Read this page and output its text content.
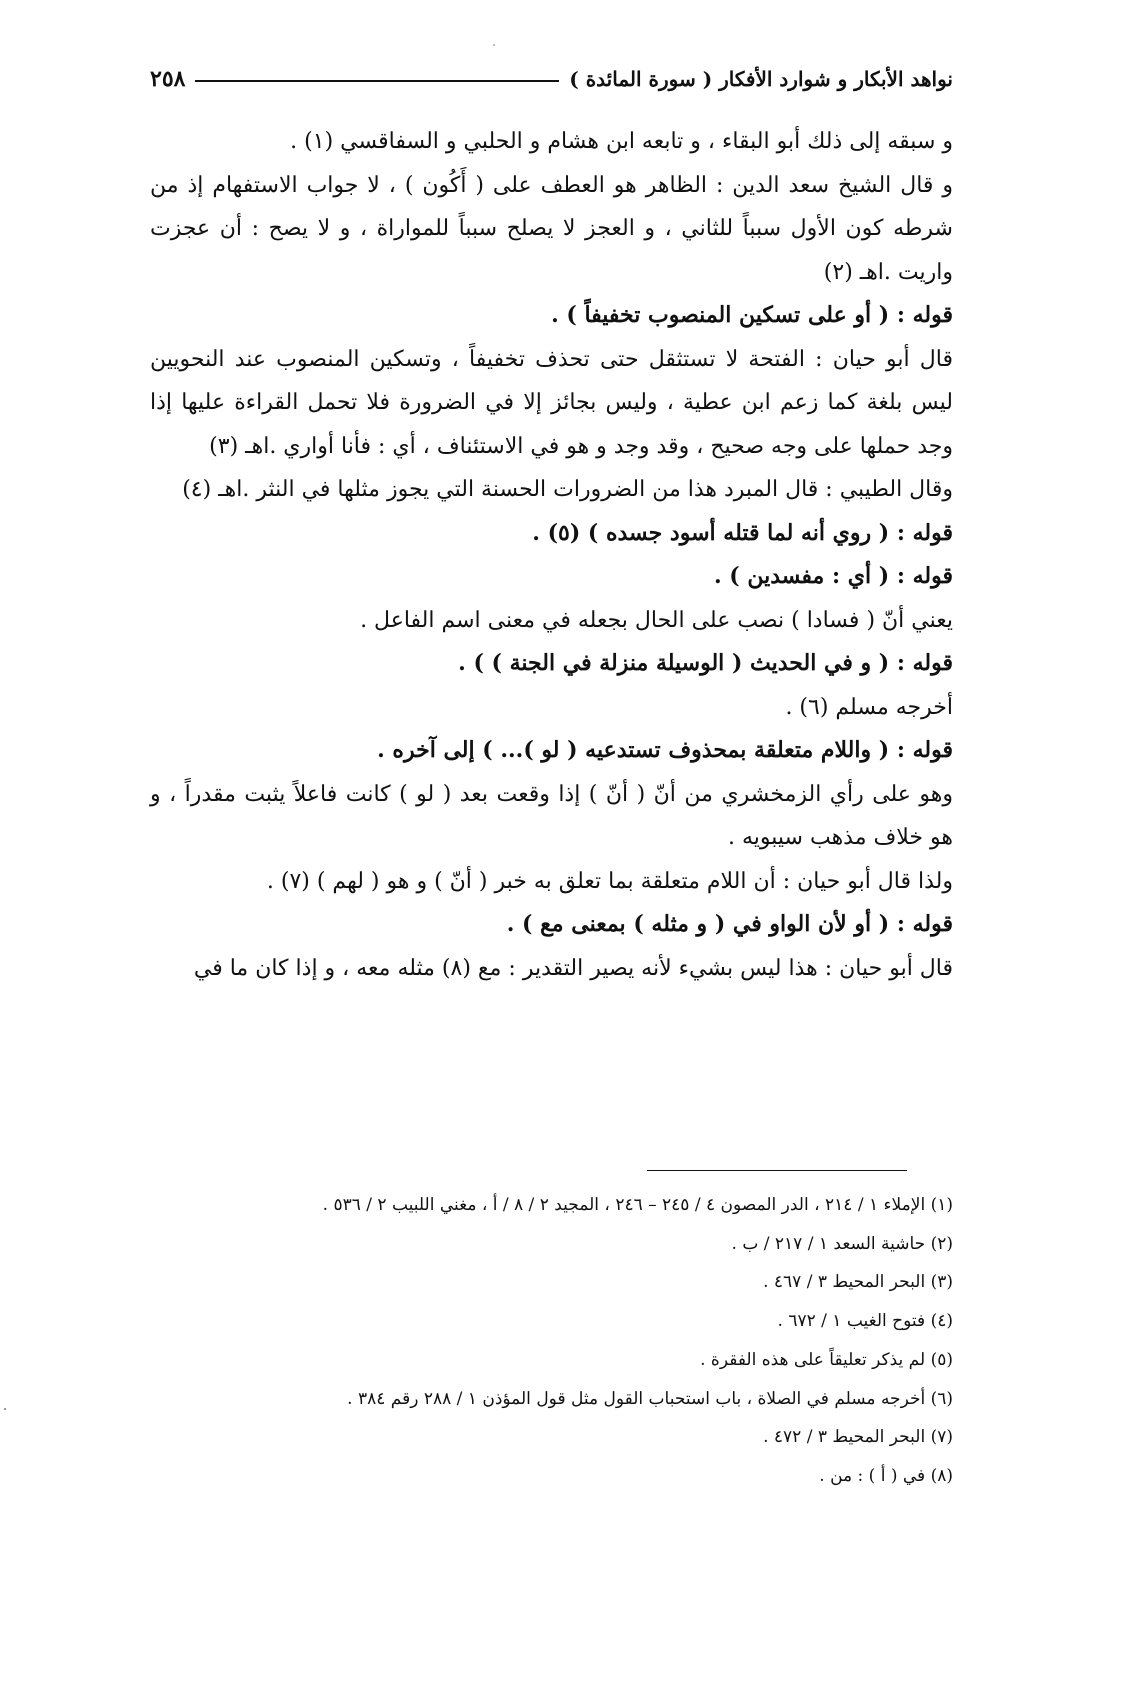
نواهد الأبكار و شوارد الأفكار ( سورة المائدة )
٢٥٨

و سبقه إلى ذلك أبو البقاء ، و تابعه ابن هشام و الحلبي و السفاقسي (١) .

و قال الشيخ سعد الدين : الظاهر هو العطف على ( أَكُون ) ، لا جواب الاستفهام إذ من شرطه كون الأول سبباً للثاني ، و العجز لا يصلح سبباً للمواراة ، و لا يصح : أن عجزت واريت .اهـ (٢)

قوله : ( أو على تسكين المنصوب تخفيفاً ) .

قال أبو حيان : الفتحة لا تستثقل حتى تحذف تخفيفاً ، وتسكين المنصوب عند النحويين ليس بلغة كما زعم ابن عطية ، وليس بجائز إلا في الضرورة فلا تحمل القراءة عليها إذا وجد حملها على وجه صحيح ، وقد وجد و هو في الاستئناف ، أي : فأنا أواري .اهـ (٣)

وقال الطيبي : قال المبرد هذا من الضرورات الحسنة التي يجوز مثلها في النثر .اهـ (٤)

قوله : ( روي أنه لما قتله أسود جسده ) (٥) .

قوله : ( أي : مفسدين ) .

يعني أنّ ( فسادا ) نصب على الحال بجعله في معنى اسم الفاعل .

قوله : ( و في الحديث ( الوسيلة منزلة في الجنة ) ) .

أخرجه مسلم (٦) .

قوله : ( واللام متعلقة بمحذوف تستدعيه ( لو )... ) إلى آخره .

وهو على رأي الزمخشري من أنّ ( أنّ ) إذا وقعت بعد ( لو ) كانت فاعلاً يثبت مقدراً ، و هو خلاف مذهب سيبويه .

ولذا قال أبو حيان : أن اللام متعلقة بما تعلق به خبر ( أنّ ) و هو ( لهم ) (٧) .

قوله : ( أو لأن الواو في ( و مثله ) بمعنى مع ) .

قال أبو حيان : هذا ليس بشيء لأنه يصير التقدير : مع (٨) مثله معه ، و إذا كان ما في

(١) الإملاء ١ / ٢١٤ ، الدر المصون ٤ / ٢٤٥ – ٢٤٦ ، المجيد ٢ / ٨ / أ ، مغني اللبيب ٢ / ٥٣٦ .

(٢) حاشية السعد ١ / ٢١٧ / ب .

(٣) البحر المحيط ٣ / ٤٦٧ .

(٤) فتوح الغيب ١ / ٦٧٢ .

(٥) لم يذكر تعليقاً على هذه الفقرة .

(٦) أخرجه مسلم في الصلاة ، باب استحباب القول مثل قول المؤذن ١ / ٢٨٨ رقم ٣٨٤ .

(٧) البحر المحيط ٣ / ٤٧٢ .

(٨) في ( أ ) : من .
